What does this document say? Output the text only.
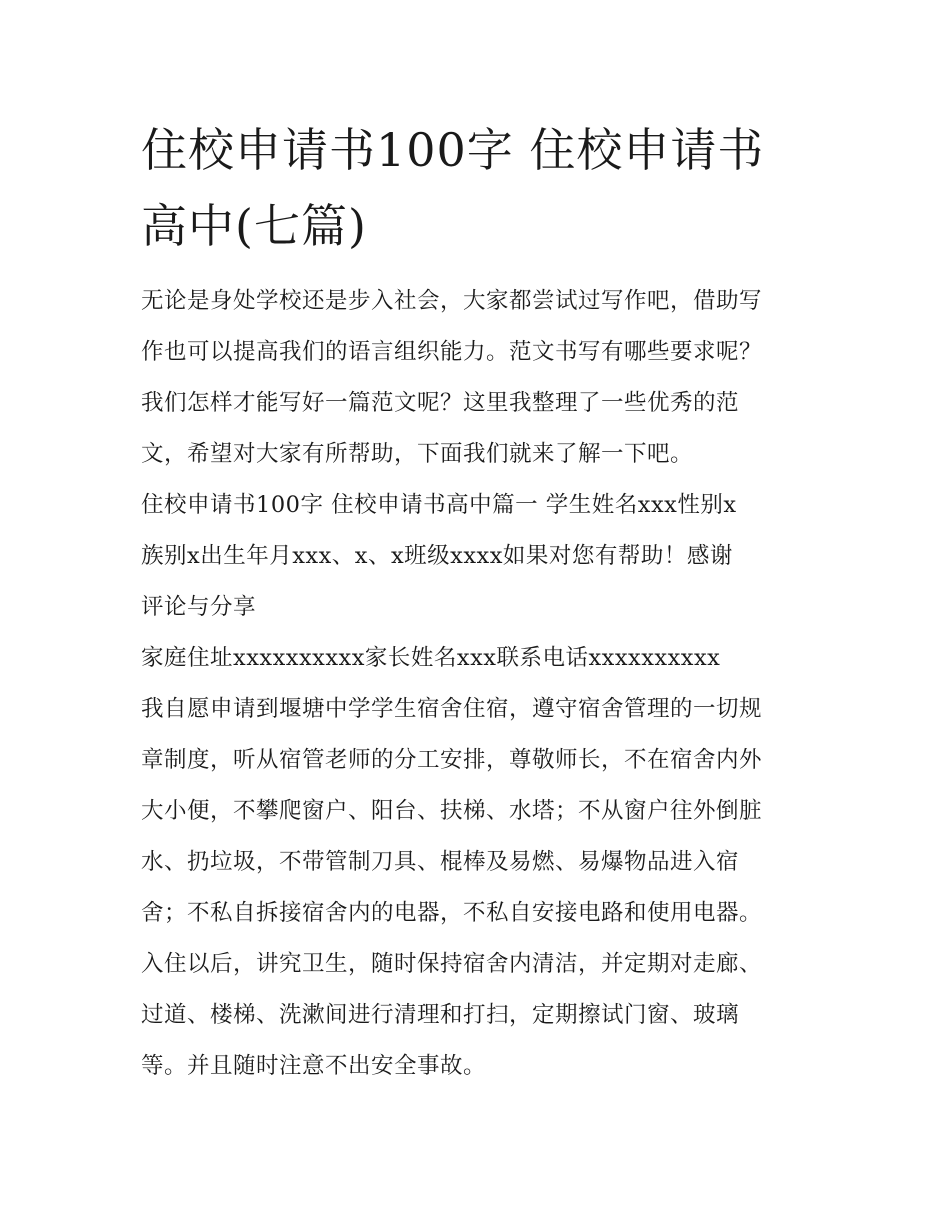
住校申请书100字 住校申请书
高中(七篇)

无论是身处学校还是步入社会，大家都尝试过写作吧，借助写
作也可以提高我们的语言组织能力。范文书写有哪些要求呢？
我们怎样才能写好一篇范文呢？这里我整理了一些优秀的范
文，希望对大家有所帮助，下面我们就来了解一下吧。

住校申请书100字 住校申请书高中篇一 学生姓名xxx性别x
族别x出生年月xxx、x、x班级xxxx如果对您有帮助！感谢
评论与分享

家庭住址xxxxxxxxxx家长姓名xxx联系电话xxxxxxxxxx

我自愿申请到堰塘中学学生宿舍住宿，遵守宿舍管理的一切规
章制度，听从宿管老师的分工安排，尊敬师长，不在宿舍内外
大小便，不攀爬窗户、阳台、扶梯、水塔；不从窗户往外倒脏
水、扔垃圾，不带管制刀具、棍棒及易燃、易爆物品进入宿
舍；不私自拆接宿舍内的电器，不私自安接电路和使用电器。
入住以后，讲究卫生，随时保持宿舍内清洁，并定期对走廊、
过道、楼梯、洗漱间进行清理和打扫，定期擦试门窗、玻璃
等。并且随时注意不出安全事故。
